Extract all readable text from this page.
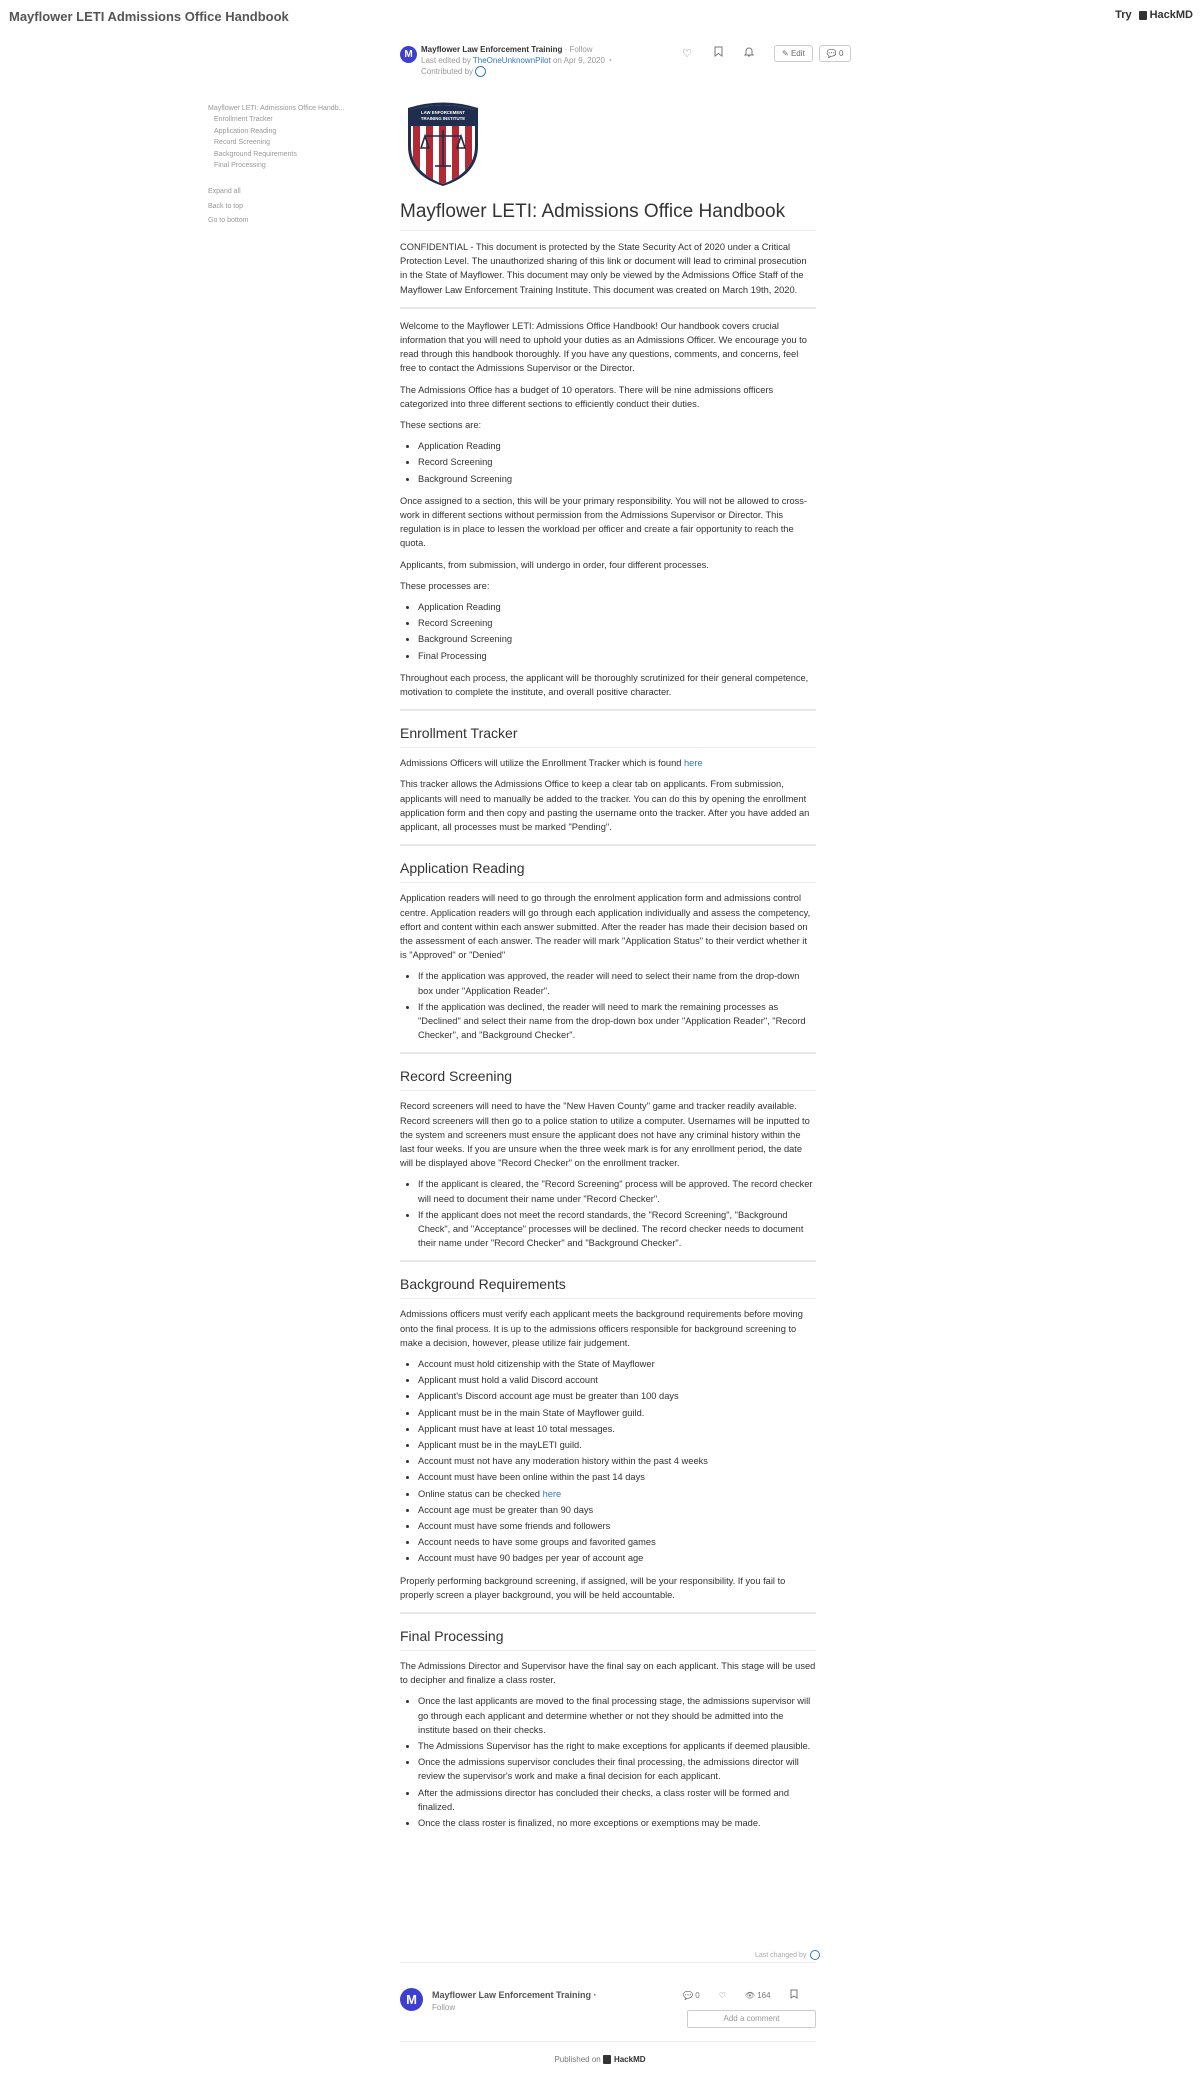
Mayflower LETI Admissions Office Handbook	Try	HackMD
M	Mayflower Law Enforcement Training · Follow
Last edited by TheOneUnknownPilot on Apr 9, 2020 ◔
Contributed by
♡	✎ Edit	💬 0
Mayflower LETI: Admissions Office Handb...
Enrollment Tracker
Application Reading
Record Screening
Background Requirements
Final Processing
Expand all
Back to top
Go to bottom
LAW ENFORCEMENT
TRAINING INSTITUTE
Mayflower LETI: Admissions Office Handbook

CONFIDENTIAL - This document is protected by the State Security Act of 2020 under a Critical Protection Level. The unauthorized sharing of this link or document will lead to criminal prosecution in the State of Mayflower. This document may only be viewed by the Admissions Office Staff of the Mayflower Law Enforcement Training Institute. This document was created on March 19th, 2020.

Welcome to the Mayflower LETI: Admissions Office Handbook! Our handbook covers crucial information that you will need to uphold your duties as an Admissions Officer. We encourage you to read through this handbook thoroughly. If you have any questions, comments, and concerns, feel free to contact the Admissions Supervisor or the Director.

The Admissions Office has a budget of 10 operators. There will be nine admissions officers categorized into three different sections to efficiently conduct their duties.

These sections are:

• Application Reading
• Record Screening
• Background Screening

Once assigned to a section, this will be your primary responsibility. You will not be allowed to cross-work in different sections without permission from the Admissions Supervisor or Director. This regulation is in place to lessen the workload per officer and create a fair opportunity to reach the quota.

Applicants, from submission, will undergo in order, four different processes.

These processes are:

• Application Reading
• Record Screening
• Background Screening
• Final Processing

Throughout each process, the applicant will be thoroughly scrutinized for their general competence, motivation to complete the institute, and overall positive character.

Enrollment Tracker

Admissions Officers will utilize the Enrollment Tracker which is found here

This tracker allows the Admissions Office to keep a clear tab on applicants. From submission, applicants will need to manually be added to the tracker. You can do this by opening the enrollment application form and then copy and pasting the username onto the tracker. After you have added an applicant, all processes must be marked "Pending".

Application Reading

Application readers will need to go through the enrolment application form and admissions control centre. Application readers will go through each application individually and assess the competency, effort and content within each answer submitted. After the reader has made their decision based on the assessment of each answer. The reader will mark "Application Status" to their verdict whether it is "Approved" or "Denied"

• If the application was approved, the reader will need to select their name from the drop-down box under "Application Reader".
• If the application was declined, the reader will need to mark the remaining processes as "Declined" and select their name from the drop-down box under "Application Reader", "Record Checker", and "Background Checker".
Record Screening

Record screeners will need to have the "New Haven County" game and tracker readily available. Record screeners will then go to a police station to utilize a computer. Usernames will be inputted to the system and screeners must ensure the applicant does not have any criminal history within the last four weeks. If you are unsure when the three week mark is for any enrollment period, the date will be displayed above "Record Checker" on the enrollment tracker.

• If the applicant is cleared, the "Record Screening" process will be approved. The record checker will need to document their name under "Record Checker".
• If the applicant does not meet the record standards, the "Record Screening", "Background Check", and "Acceptance" processes will be declined. The record checker needs to document their name under "Record Checker" and "Background Checker".
Background Requirements

Admissions officers must verify each applicant meets the background requirements before moving onto the final process. It is up to the admissions officers responsible for background screening to make a decision, however, please utilize fair judgement.

• Account must hold citizenship with the State of Mayflower
• Applicant must hold a valid Discord account
• Applicant's Discord account age must be greater than 100 days
• Applicant must be in the main State of Mayflower guild.
• Applicant must have at least 10 total messages.
• Applicant must be in the mayLETI guild.
• Account must not have any moderation history within the past 4 weeks
• Account must have been online within the past 14 days
• Online status can be checked here
• Account age must be greater than 90 days
• Account must have some friends and followers
• Account needs to have some groups and favorited games
• Account must have 90 badges per year of account age

Properly performing background screening, if assigned, will be your responsibility. If you fail to properly screen a player background, you will be held accountable.

Final Processing

The Admissions Director and Supervisor have the final say on each applicant. This stage will be used to decipher and finalize a class roster.

• Once the last applicants are moved to the final processing stage, the admissions supervisor will go through each applicant and determine whether or not they should be admitted into the institute based on their checks.
• The Admissions Supervisor has the right to make exceptions for applicants if deemed plausible.
• Once the admissions supervisor concludes their final processing, the admissions director will review the supervisor's work and make a final decision for each applicant.
• After the admissions director has concluded their checks, a class roster will be formed and finalized.
• Once the class roster is finalized, no more exceptions or exemptions may be made.
Last changed by
M	Mayflower Law Enforcement Training ·
Follow
💬 0 ♡ 👁 164
Add a comment
Published on HackMD
